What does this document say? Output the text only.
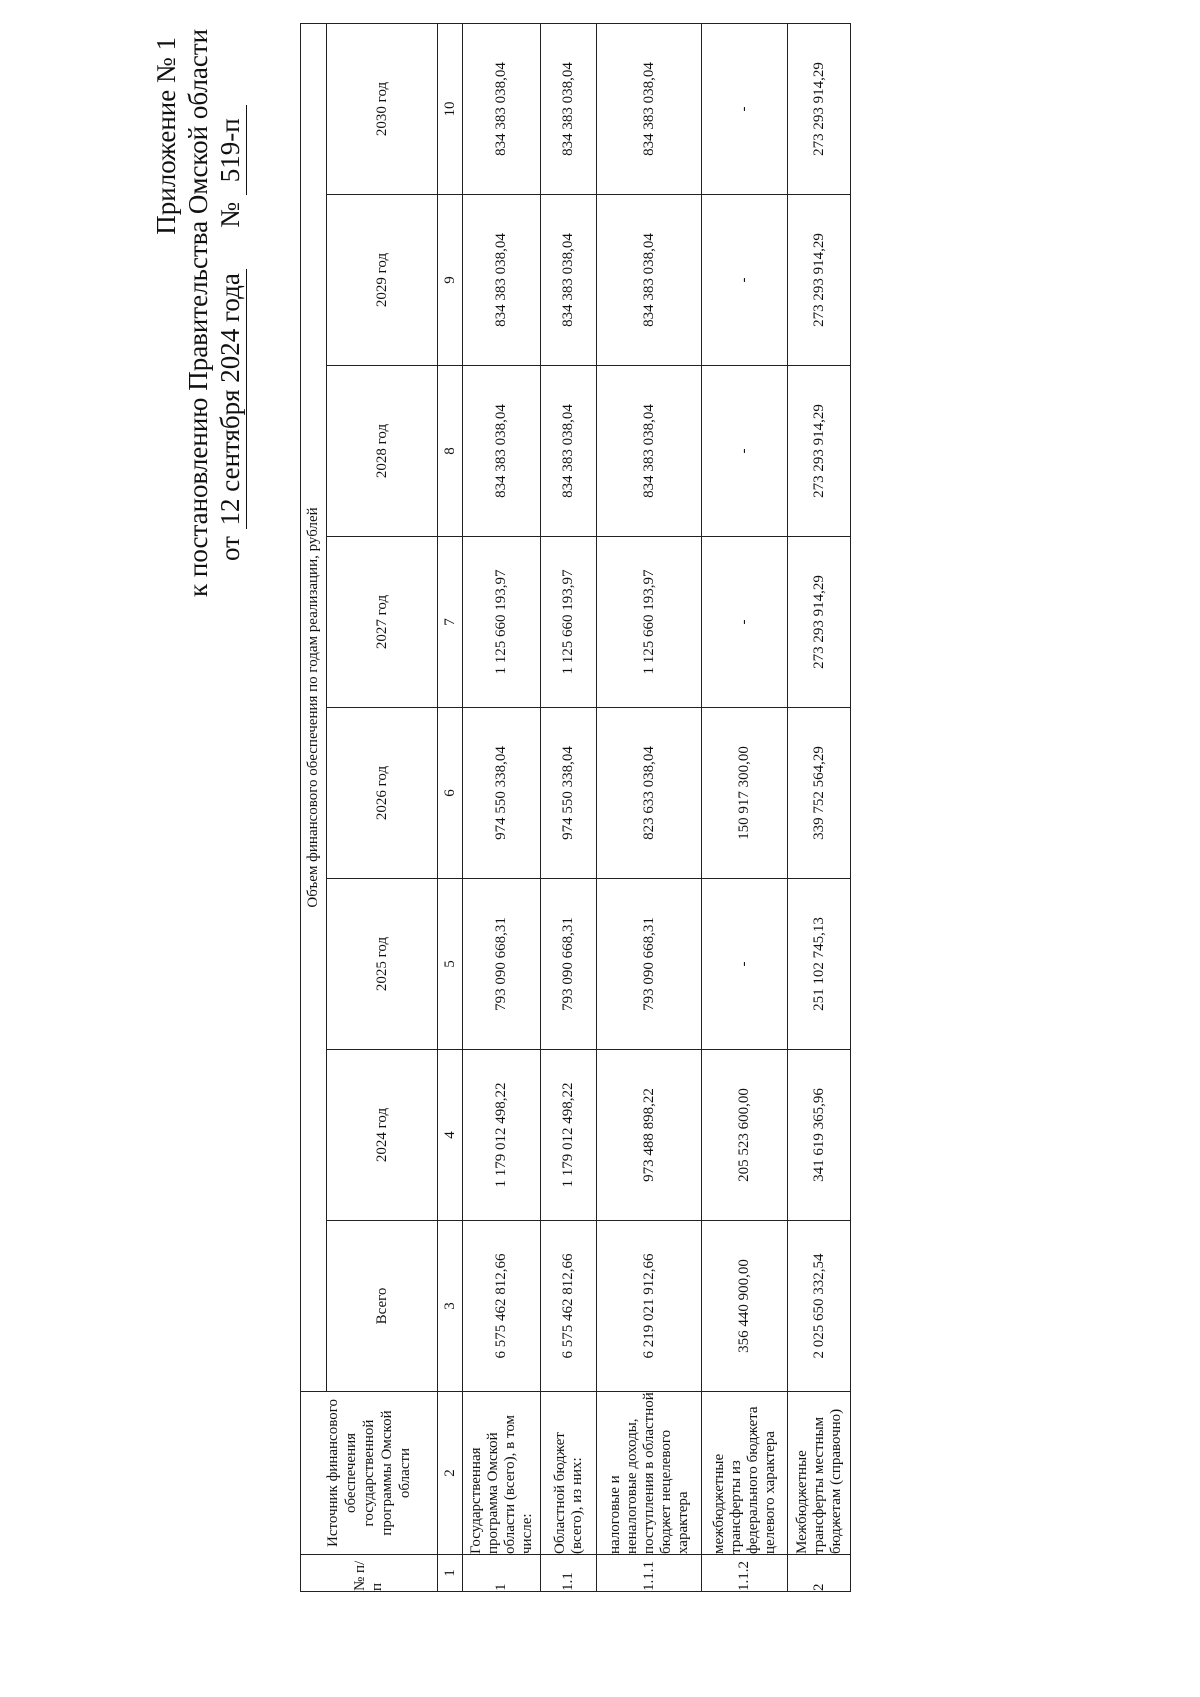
Приложение № 1 к постановлению Правительства Омской области от 12 сентября 2024 года  № 519-п
№ п/п	Источник финансового обеспечения государственной программы Омской области	Объем финансового обеспечения по годам реализации, рублей							
		Всего	2024 год	2025 год	2026 год	2027 год	2028 год	2029 год	2030 год
1	2	3	4	5	6	7	8	9	10
1	Государственная программа Омской области (всего), в том числе:	6 575 462 812,66	1 179 012 498,22	793 090 668,31	974 550 338,04	1 125 660 193,97	834 383 038,04	834 383 038,04	834 383 038,04
1.1	Областной бюджет (всего), из них:	6 575 462 812,66	1 179 012 498,22	793 090 668,31	974 550 338,04	1 125 660 193,97	834 383 038,04	834 383 038,04	834 383 038,04
1.1.1	налоговые и неналоговые доходы, поступления в областной бюджет нецелевого характера	6 219 021 912,66	973 488 898,22	793 090 668,31	823 633 038,04	1 125 660 193,97	834 383 038,04	834 383 038,04	834 383 038,04
1.1.2	межбюджетные трансферты из федерального бюджета целевого характера	356 440 900,00	205 523 600,00	-	150 917 300,00	-	-	-	-
2	Межбюджетные трансферты местным бюджетам (справочно)	2 025 650 332,54	341 619 365,96	251 102 745,13	339 752 564,29	273 293 914,29	273 293 914,29	273 293 914,29	273 293 914,29
